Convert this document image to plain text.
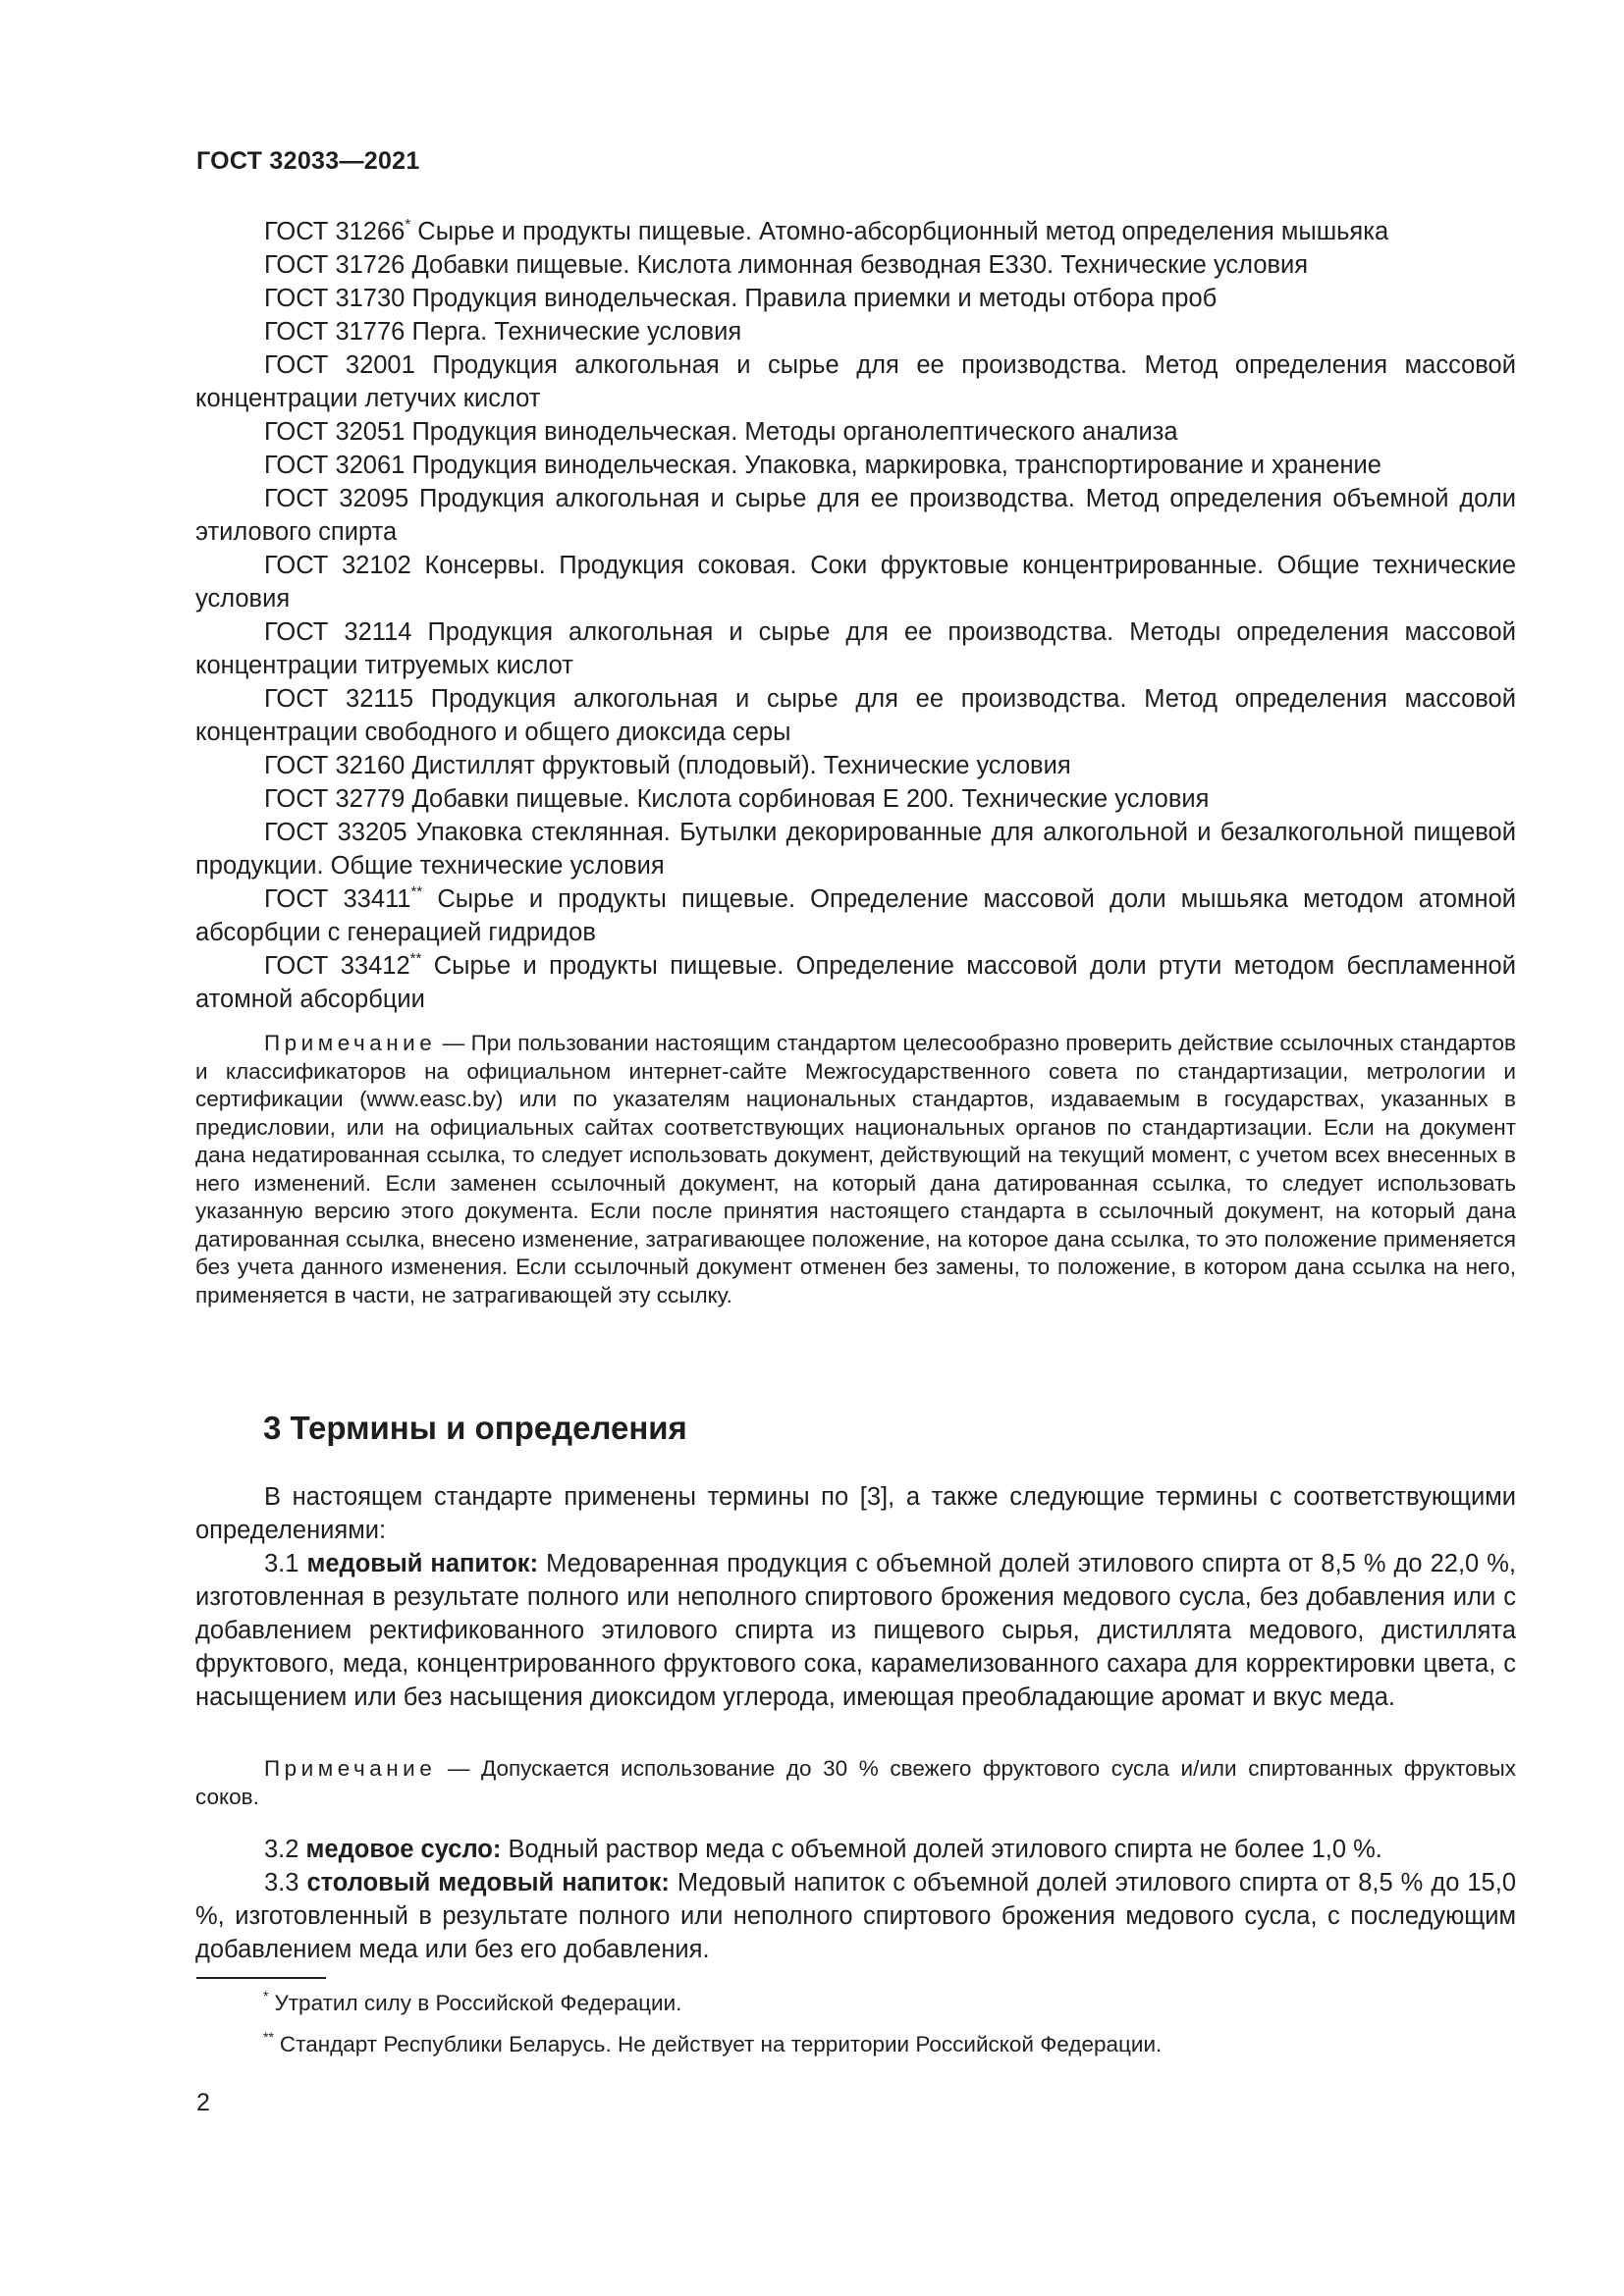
ГОСТ 32033—2021

ГОСТ 31266* Сырье и продукты пищевые. Атомно-абсорбционный метод определения мышьяка

ГОСТ 31726 Добавки пищевые. Кислота лимонная безводная E330. Технические условия

ГОСТ 31730 Продукция винодельческая. Правила приемки и методы отбора проб

ГОСТ 31776 Перга. Технические условия

ГОСТ 32001 Продукция алкогольная и сырье для ее производства. Метод определения массовой концентрации летучих кислот

ГОСТ 32051 Продукция винодельческая. Методы органолептического анализа

ГОСТ 32061 Продукция винодельческая. Упаковка, маркировка, транспортирование и хранение

ГОСТ 32095 Продукция алкогольная и сырье для ее производства. Метод определения объемной доли этилового спирта

ГОСТ 32102 Консервы. Продукция соковая. Соки фруктовые концентрированные. Общие технические условия

ГОСТ 32114 Продукция алкогольная и сырье для ее производства. Методы определения массовой концентрации титруемых кислот

ГОСТ 32115 Продукция алкогольная и сырье для ее производства. Метод определения массовой концентрации свободного и общего диоксида серы

ГОСТ 32160 Дистиллят фруктовый (плодовый). Технические условия

ГОСТ 32779 Добавки пищевые. Кислота сорбиновая E 200. Технические условия

ГОСТ 33205 Упаковка стеклянная. Бутылки декорированные для алкогольной и безалкогольной пищевой продукции. Общие технические условия

ГОСТ 33411** Сырье и продукты пищевые. Определение массовой доли мышьяка методом атомной абсорбции с генерацией гидридов

ГОСТ 33412** Сырье и продукты пищевые. Определение массовой доли ртути методом беспламенной атомной абсорбции

Примечание — При пользовании настоящим стандартом целесообразно проверить действие ссылочных стандартов и классификаторов на официальном интернет-сайте Межгосударственного совета по стандартизации, метрологии и сертификации (www.easc.by) или по указателям национальных стандартов, издаваемым в государствах, указанных в предисловии, или на официальных сайтах соответствующих национальных органов по стандартизации. Если на документ дана недатированная ссылка, то следует использовать документ, действующий на текущий момент, с учетом всех внесенных в него изменений. Если заменен ссылочный документ, на который дана датированная ссылка, то следует использовать указанную версию этого документа. Если после принятия настоящего стандарта в ссылочный документ, на который дана датированная ссылка, внесено изменение, затрагивающее положение, на которое дана ссылка, то это положение применяется без учета данного изменения. Если ссылочный документ отменен без замены, то положение, в котором дана ссылка на него, применяется в части, не затрагивающей эту ссылку.

3 Термины и определения

В настоящем стандарте применены термины по [3], а также следующие термины с соответствующими определениями:

3.1 медовый напиток: Медоваренная продукция с объемной долей этилового спирта от 8,5 % до 22,0 %, изготовленная в результате полного или неполного спиртового брожения медового сусла, без добавления или с добавлением ректификованного этилового спирта из пищевого сырья, дистиллята медового, дистиллята фруктового, меда, концентрированного фруктового сока, карамелизованного сахара для корректировки цвета, с насыщением или без насыщения диоксидом углерода, имеющая преобладающие аромат и вкус меда.

Примечание — Допускается использование до 30 % свежего фруктового сусла и/или спиртованных фруктовых соков.

3.2 медовое сусло: Водный раствор меда с объемной долей этилового спирта не более 1,0 %.

3.3 столовый медовый напиток: Медовый напиток с объемной долей этилового спирта от 8,5 % до 15,0 %, изготовленный в результате полного или неполного спиртового брожения медового сусла, с последующим добавлением меда или без его добавления.

* Утратил силу в Российской Федерации.

** Стандарт Республики Беларусь. Не действует на территории Российской Федерации.

2
